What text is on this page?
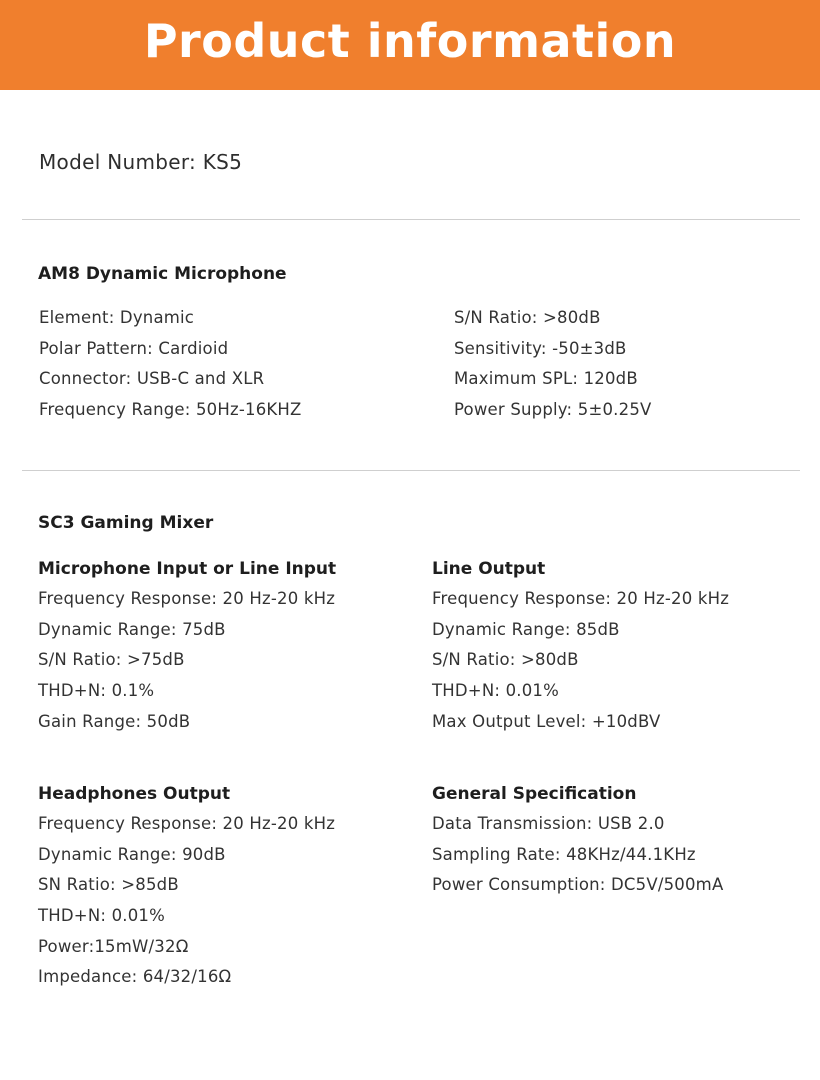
Product information
Model Number: KS5
AM8 Dynamic Microphone
Element: Dynamic
Polar Pattern: Cardioid
Connector: USB-C and XLR
Frequency Range: 50Hz-16KHZ
S/N Ratio: >80dB
Sensitivity: -50±3dB
Maximum SPL: 120dB
Power Supply: 5±0.25V
SC3 Gaming Mixer
Microphone Input or Line Input
Frequency Response: 20 Hz-20 kHz
Dynamic Range: 75dB
S/N Ratio: >75dB
THD+N: 0.1%
Gain Range: 50dB
Line Output
Frequency Response: 20 Hz-20 kHz
Dynamic Range: 85dB
S/N Ratio: >80dB
THD+N: 0.01%
Max Output Level: +10dBV
Headphones Output
Frequency Response: 20 Hz-20 kHz
Dynamic Range: 90dB
SN Ratio: >85dB
THD+N: 0.01%
Power:15mW/32Ω
Impedance: 64/32/16Ω
General Specification
Data Transmission: USB 2.0
Sampling Rate: 48KHz/44.1KHz
Power Consumption: DC5V/500mA
